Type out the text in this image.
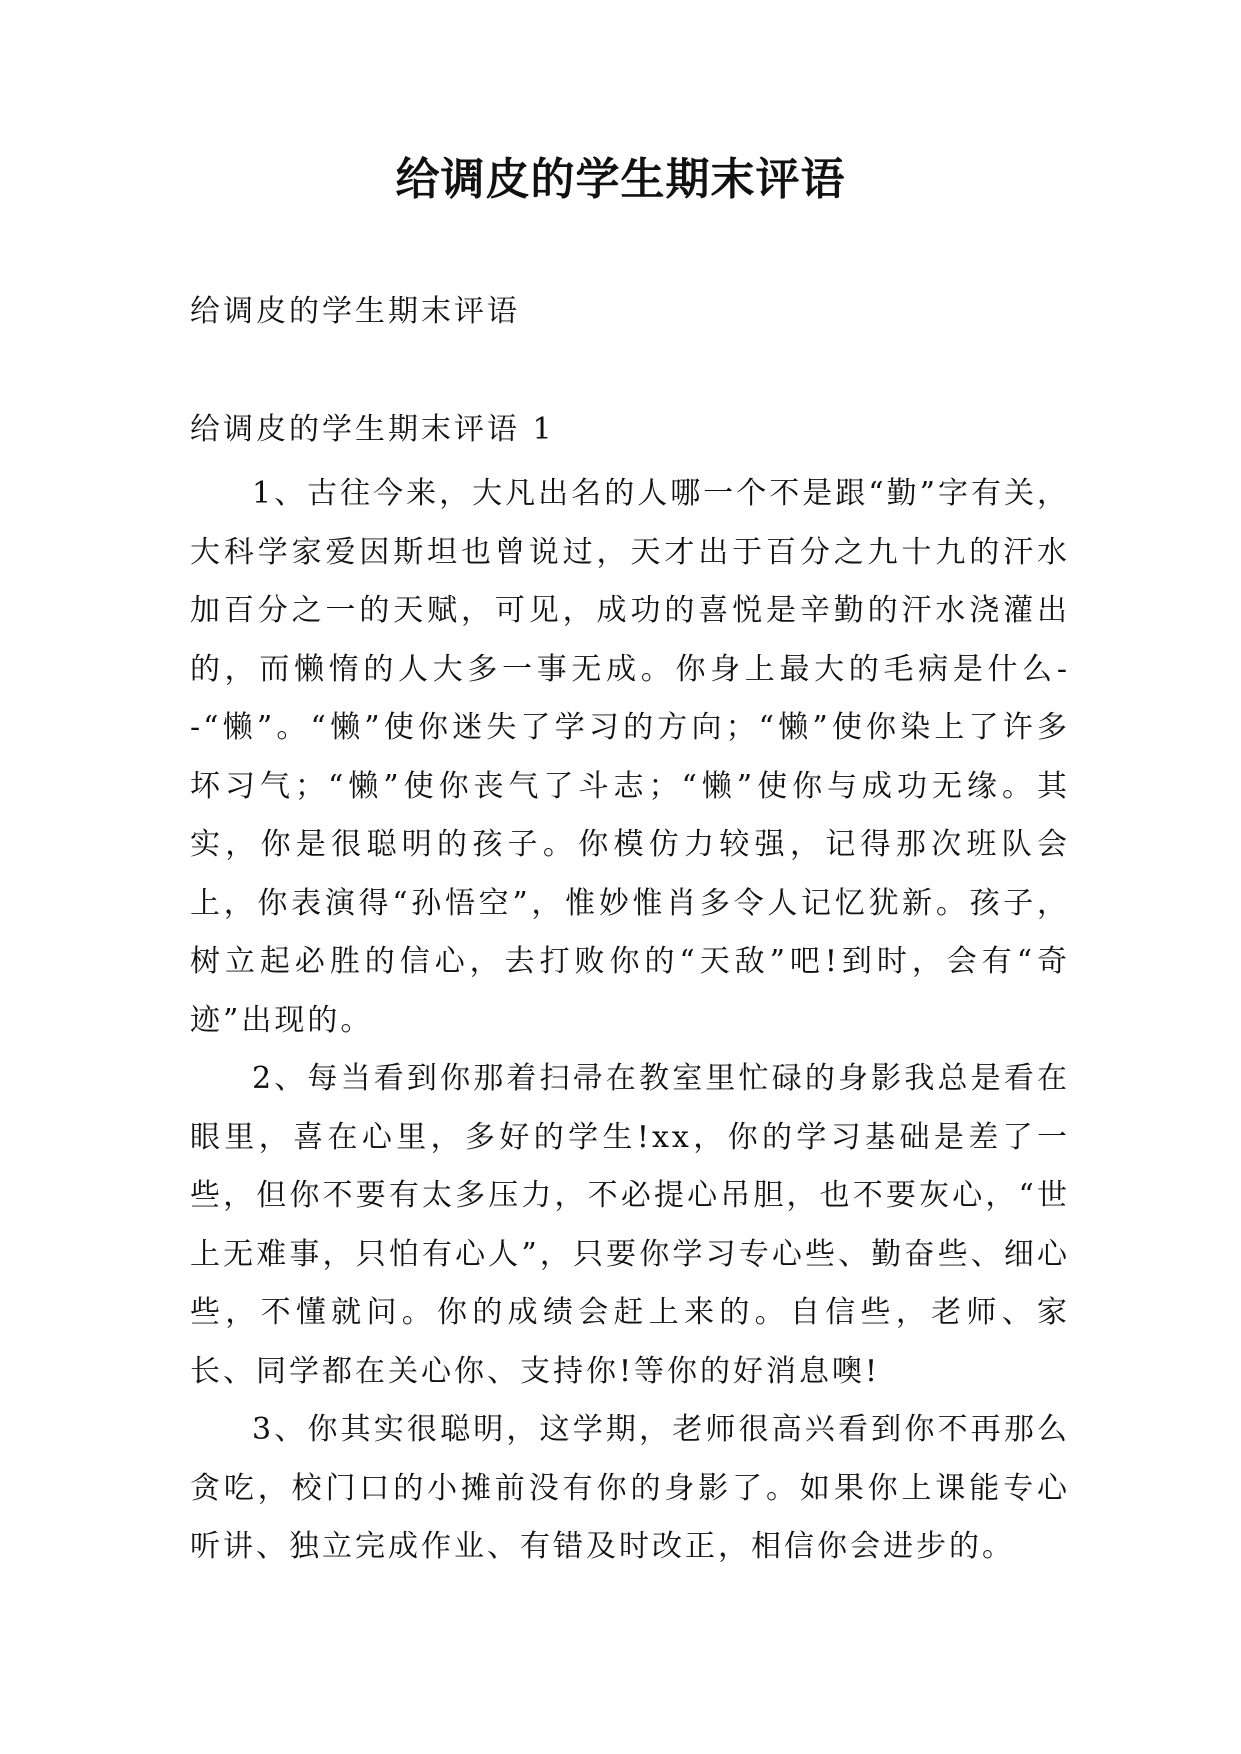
给调皮的学生期末评语

给调皮的学生期末评语

给调皮的学生期末评语 1

1、古往今来，大凡出名的人哪一个不是跟“勤”字有关，大科学家爱因斯坦也曾说过，天才出于百分之九十九的汗水加百分之一的天赋，可见，成功的喜悦是辛勤的汗水浇灌出的，而懒惰的人大多一事无成。你身上最大的毛病是什么--“懒”。“懒”使你迷失了学习的方向；“懒”使你染上了许多坏习气；“懒”使你丧气了斗志；“懒”使你与成功无缘。其实，你是很聪明的孩子。你模仿力较强，记得那次班队会上，你表演得“孙悟空”，惟妙惟肖多令人记忆犹新。孩子，树立起必胜的信心，去打败你的“天敌”吧!到时，会有“奇迹”出现的。

2、每当看到你那着扫帚在教室里忙碌的身影我总是看在眼里，喜在心里，多好的学生!xx，你的学习基础是差了一些，但你不要有太多压力，不必提心吊胆，也不要灰心，“世上无难事，只怕有心人”，只要你学习专心些、勤奋些、细心些，不懂就问。你的成绩会赶上来的。自信些，老师、家长、同学都在关心你、支持你!等你的好消息噢!

3、你其实很聪明，这学期，老师很高兴看到你不再那么贪吃，校门口的小摊前没有你的身影了。如果你上课能专心听讲、独立完成作业、有错及时改正，相信你会进步的。
